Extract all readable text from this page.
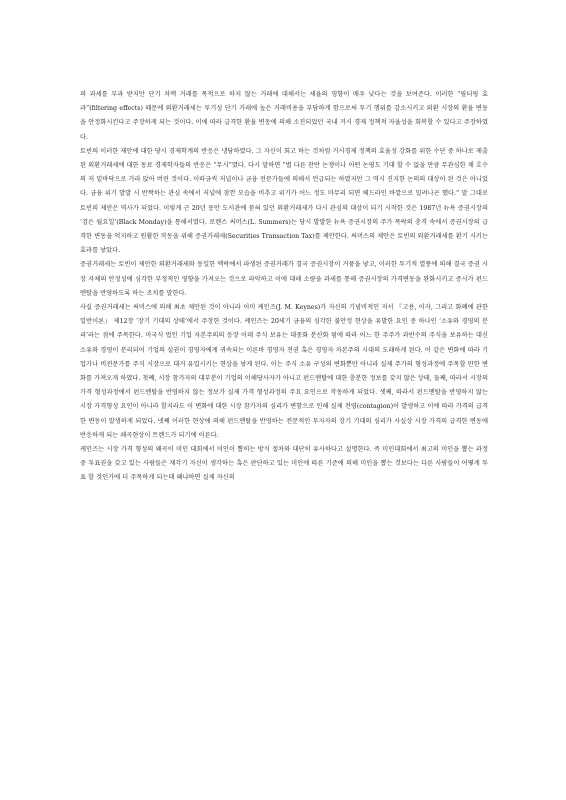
의 과세를 부과 받지만 단기 차액 거래를 목적으로 하지 않는 거래에 대해서는 세율의 영향이 매우 낮다는 것을 보여준다. 이러한 “필터링 효과”(filtering effects) 때문에 외환거래세는 투기성 단기 거래에 높은 거래비용을 부담하게 함으로써 투기 행위를 감소시키고 외환 시장의 환율 변동을 안정화시킨다고 주장하게 되는 것이다. 이에 따라 급격한 환율 변동에 의해 소진되었던 국내 거시 경제 정책적 자율성을 회복할 수 있다고 주장하였다.

토빈의 이러한 제안에 대한 당시 경제학계의 반응은 냉담하였다. 그 자신이 회고 하는 것처럼 거시경제 정책의 효율성 강화를 위한 수단 중 하나로 제출된 외환거래세에 대한 동료 경제학자들의 반응은 “무시”였다. 다시 말하면 “별 다른 찬반 논쟁이나 어떤 논평도 기대 할 수 없을 만큼 무관심한 채 호수의 저 밑바닥으로 가라 앉아 버린 것이다. 이따금씩 저널이나 금융 전문가들에 의해서 언급되는 하였지만 그 역시 진지한 논의의 대상이 된 것은 아니었다. 금융 위기 발발 시 반짝하는 관심 속에서 저널에 잠깐 모습을 비추고 위기가 어느 정도 마무리 되면 헤드라인 바깥으로 밀려나곤 했다.” 말 그대로 토빈의 제안은 역사가 되었다. 이렇게 근 20년 동안 도서관에 묻혀 있던 외환거래세가 다시 관심의 대상이 되기 시작한 것은 1987년 뉴욕 증권시장의 ‘검은 월요일’(Black Monday)을 통해서였다. 로렌스 써머스(L. Summers)는 당시 발발한 뉴욕 증권시장의 주가 폭락의 충격 속에서 증권시장의 급격한 변동을 억지하고 원활한 작동을 위해 증권거래세(Securities Transaction Tax)를 제안한다. 써머스의 제안은 토빈의 외환거래세를 환기 시키는 효과를 낳았다.

증권거래세는 토빈이 제안한 외환거래세와 동일한 맥락에서 파생된 증권거래가 결국 증권시장이 거품을 낳고, 이러한 투기적 열풍에 의해 결국 증권 시장 자체의 안정성에 심각한 부정적인 영향을 가져오는 것으로 파악하고 이에 대해 소량을 과세를 통해 증권시장의 가격변동을 완화시키고 증시가 펀드멘탈을 반영하도록 하는 조치를 말한다.

사실 증권거래세는 써머스에 의해 최초 제안된 것이 아니라 이미 케인즈(J. M. Keynes)가 자신의 기념비적인 저서 『고용, 이자, 그리고 화폐에 관한 일반이론』 제12장 ‘장기 기대의 상태’에서 주장한 것이다. 케인즈는 20세기 금융의 심각한 불안정 현상을 유발한 요인 중 하나인 ‘소유와 경영의 분리’라는 점에 주목한다. 미국식 법인 기업 자본주의의 등장 이래 주식 보유는 대중화 분산화 됨에 따라 어느 한 주주가 과반수의 주식을 보유하는 대신 소유와 경영이 분리되어 기업의 실권이 경영자에게 귀속되는 이른바 경영자 전권 혹은 경영자 자본주의 시대의 도래하게 된다. 이 같은 변화에 따라 기업가나 비전문가를 주식 시장으로 대거 유입시키는 현상을 낳게 된다. 이는 주식 소유 구성의 변화뿐만 아니라 실제 주가의 형성과정에 주목할 만한 변화를 가져오게 하였다. 첫째, 시장 참가자의 대부분이 기업의 이해당사자가 아니고 펀드멘탈에 대한 충분한 정보를 갖지 않은 상태, 둘째, 따라서 시장의 가격 형성과정에서 펀드멘탈을 반영하지 않는 정보가 실제 가격 형성과정의 주요 요인으로 작동하게 되었다. 셋째, 따라서 펀드멘탈을 반영하지 않는 시장 가격형성 요인이 아니라 할지라도 이 변화에 대한 시장 참가자의 심리가 변함으로 인해 실제 전염(contagion)이 발생하고 이에 따라 가격의 급격한 변동이 발생하게 되었다. 넷째 이러한 현상에 의해 펀드멘탈을 반영하는 전문적인 투자자의 장기 기대의 심리가 사실상 시장 가격의 급격한 변동에 반응하게 되는 쇄곡현상이 트렌드가 되기에 이른다.

케인즈는 시장 가격 형성의 왜곡이 미인 대회에서 미인이 뽑히는 방식 절차와 대단히 유사하다고 설명한다. 즉 미인대회에서 최고의 미인을 뽑는 과정 중 투표권을 갖고 있는 사람들은 제각기 자신이 생각하는 혹은 판단하고 있는 미인에 따른 기준에 의해 미인을 뽑는 것보다는 다른 사람들이 어떻게 투표 할 것인가에 더 주목하게 되는데 왜냐하면 실제 자신의
